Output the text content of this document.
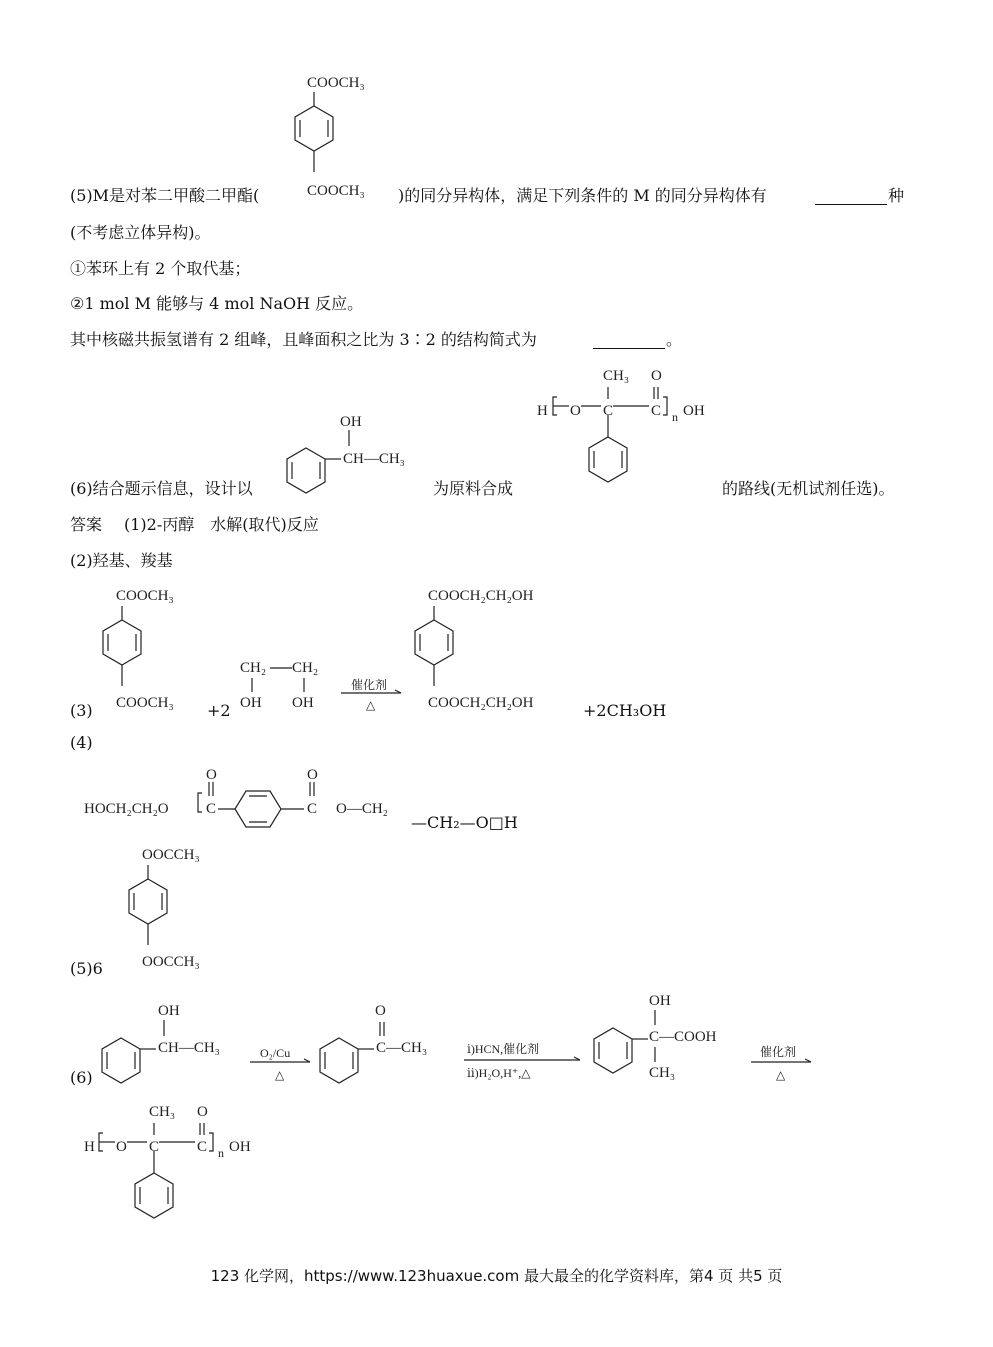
COOCH₃
COOCH₃
(5)M是对苯二甲酸二甲酯(	)的同分异构体，满足下列条件的 M 的同分异构体有	种
(不考虑立体异构)。
①苯环上有 2 个取代基；
②1 mol M 能够与 4 mol NaOH 反应。
其中核磁共振氢谱有 2 组峰，且峰面积之比为 3∶2 的结构简式为	。
OH
CH—CH₃
CH₃ O
H O C	C n OH
(6)结合题示信息，设计以	为原料合成	的路线(无机试剂任选)。
答案 (1)2-丙醇　水解(取代)反应
(2)羟基、羧基
(3)
COOCH₃
COOCH₃ +2
CH₂ CH₂
OH OH
催化剂
△
COOCH₂CH₂OH
COOCH₂CH₂OH	+2CH₃OH
(4)
O	O
HOCH₂CH₂O C	C O—CH₂
—CH₂—O□H
OOCCH₃
OOCCH₃
(5)6
(6)
OH
CH—CH₃	O₂/Cu
△
O
C—CH₃	ⅰ)HCN,催化剂
ⅱ)H₂O,H⁺,△
OH
C—COOH
CH₃
催化剂
△
CH₃ O
H O C	C n OH
123 化学网，https://www.123huaxue.com 最大最全的化学资料库，第4 页 共5 页
